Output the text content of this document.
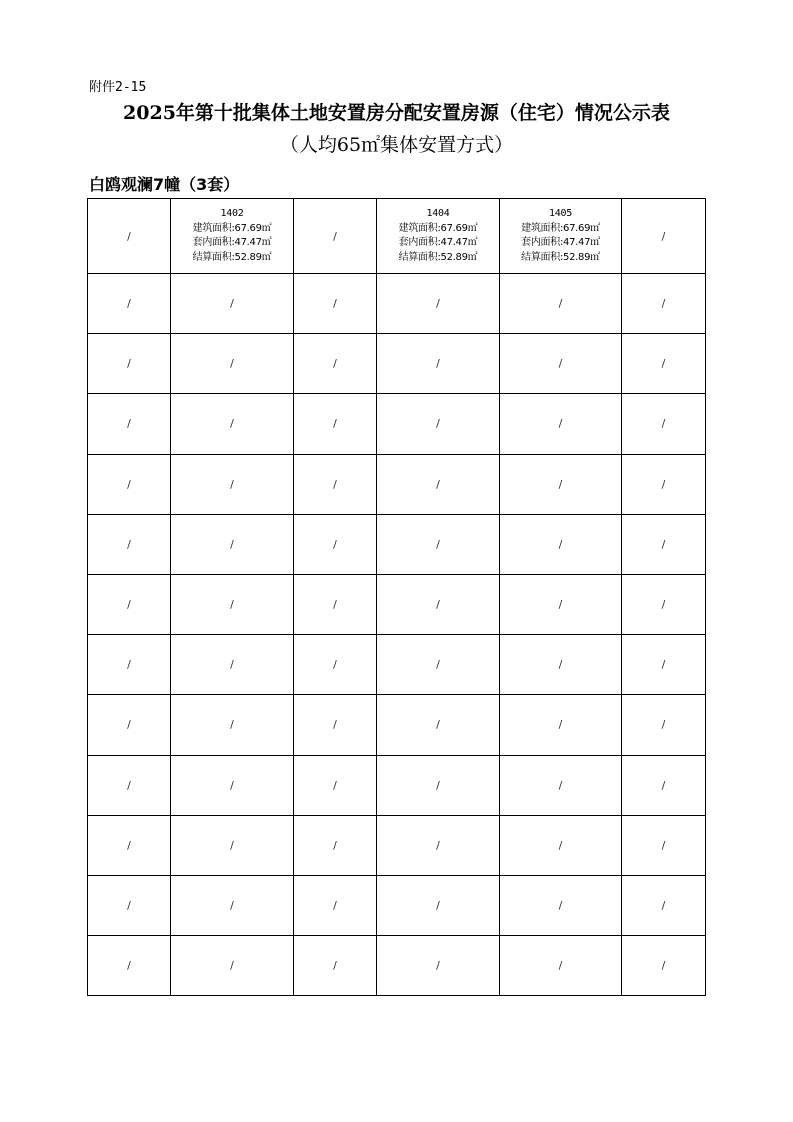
附件2-15
2025年第十批集体土地安置房分配安置房源（住宅）情况公示表
（人均65㎡集体安置方式）
白鸥观澜7幢（3套）
/	1402
建筑面积:67.69㎡
套内面积:47.47㎡
结算面积:52.89㎡	/	1404
建筑面积:67.69㎡
套内面积:47.47㎡
结算面积:52.89㎡	1405
建筑面积:67.69㎡
套内面积:47.47㎡
结算面积:52.89㎡	/
/	/	/	/	/	/
/	/	/	/	/	/
/	/	/	/	/	/
/	/	/	/	/	/
/	/	/	/	/	/
/	/	/	/	/	/
/	/	/	/	/	/
/	/	/	/	/	/
/	/	/	/	/	/
/	/	/	/	/	/
/	/	/	/	/	/
/	/	/	/	/	/
